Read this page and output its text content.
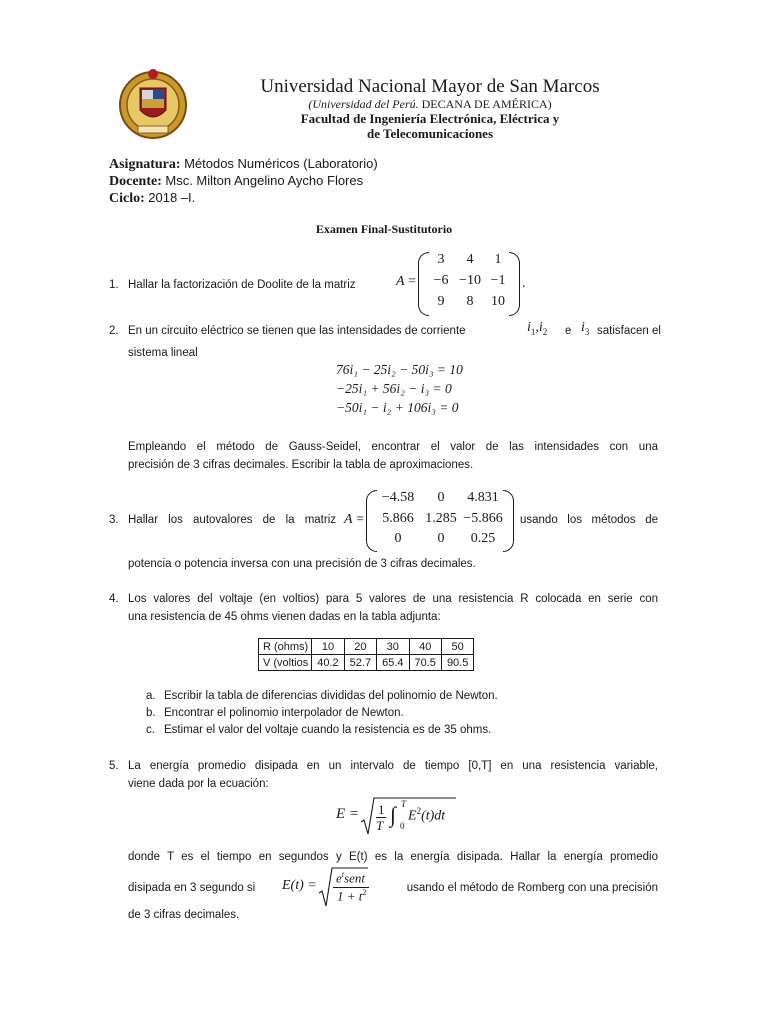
Universidad Nacional Mayor de San Marcos
(Universidad del Perú. DECANA DE AMÉRICA)
Facultad de Ingeniería Electrónica, Eléctrica y
de Telecomunicaciones
Asignatura: Métodos Numéricos (Laboratorio)
Docente: Msc. Milton Angelino Aycho Flores
Ciclo: 2018 –I.
Examen Final-Sustitutorio
1. Hallar la factorización de Doolite de la matriz	A =
3	4	1
−6 −10 −1
9	8	10
.
2. En un circuito eléctrico se tienen que las intensidades de corriente	$i_1,i_2$ e $i_3$ satisfacen el
sistema lineal
76i₁ − 25i₂ − 50i₃ = 10
−25i₁ + 56i₂ − i₃ = 0
−50i₁ − i₂ + 106i₃ = 0
Empleando el método de Gauss-Seidel, encontrar el valor de las intensidades con una
precisión de 3 cifras decimales. Escribir la tabla de aproximaciones.
3. Hallar los autovalores de la matriz A =
−4.58	0	4.831
5.866 1.285 −5.866
0	0	0.25
usando los métodos de
potencia o potencia inversa con una precisión de 3 cifras decimales.
4. Los valores del voltaje (en voltios) para 5 valores de una resistencia R colocada en serie con
una resistencia de 45 ohms vienen dadas en la tabla adjunta:
R (ohms)	10	20	30	40	50
V (voltios	40.2	52.7	65.4	70.5	90.5
a. Escribir la tabla de diferencias divididas del polinomio de Newton.
b. Encontrar el polinomio interpolador de Newton.
c. Estimar el valor del voltaje cuando la resistencia es de 35 ohms.
5. La energía promedio disipada en un intervalo de tiempo [0,T] en una resistencia variable,
viene dada por la ecuación:
E = 1
T ∫ T
0
$E^2(t)dt$
donde T es el tiempo en segundos y E(t) es la energía disipada. Hallar la energía promedio
disipada en 3 segundo si E(t) =
$e^tsent$
$1 + t^2$	usando el método de Romberg con una precisión
de 3 cifras decimales.
